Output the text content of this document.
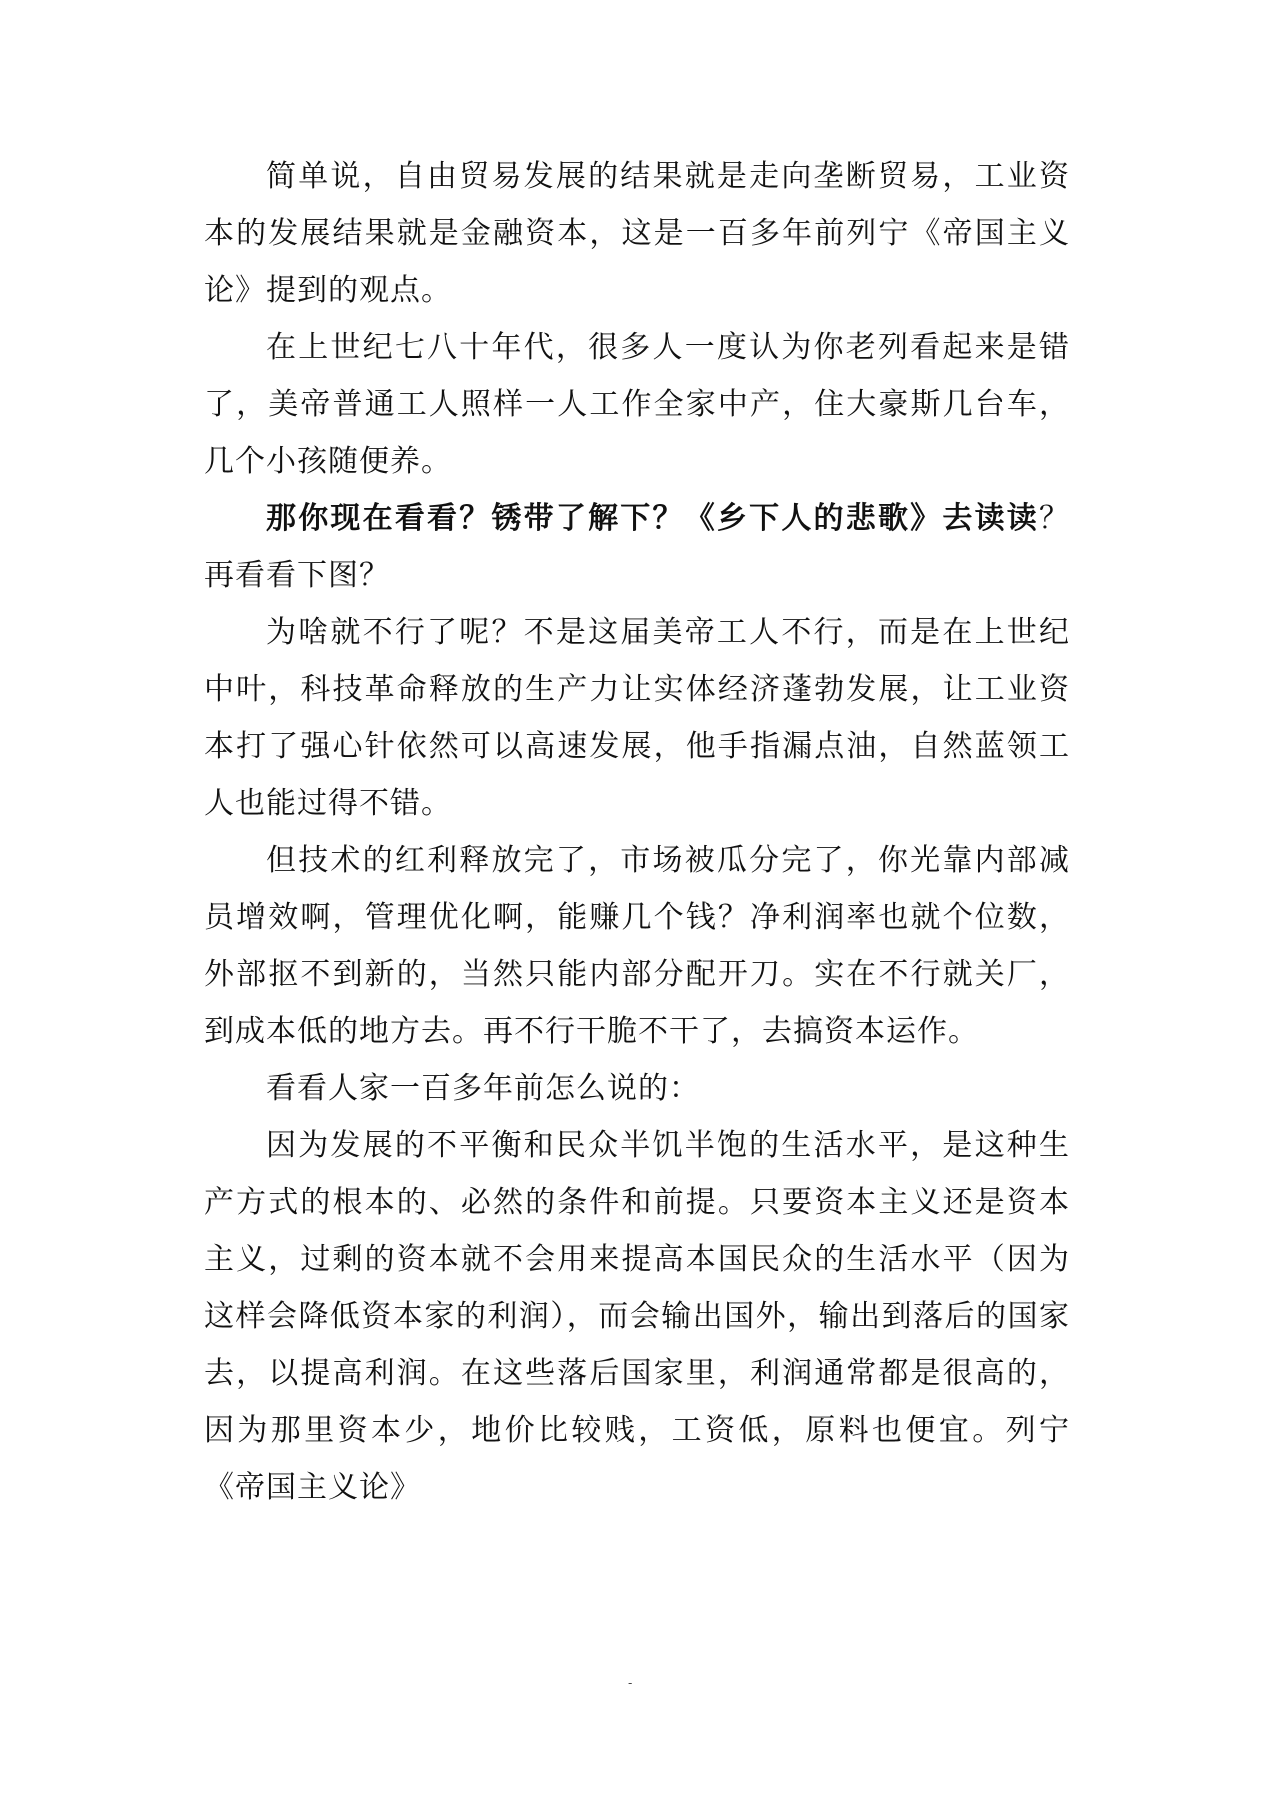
简单说，自由贸易发展的结果就是走向垄断贸易，工业资本的发展结果就是金融资本，这是一百多年前列宁《帝国主义论》提到的观点。

在上世纪七八十年代，很多人一度认为你老列看起来是错了，美帝普通工人照样一人工作全家中产，住大豪斯几台车，几个小孩随便养。

那你现在看看？锈带了解下？《乡下人的悲歌》去读读？再看看下图？

为啥就不行了呢？不是这届美帝工人不行，而是在上世纪中叶，科技革命释放的生产力让实体经济蓬勃发展，让工业资本打了强心针依然可以高速发展，他手指漏点油，自然蓝领工人也能过得不错。

但技术的红利释放完了，市场被瓜分完了，你光靠内部减员增效啊，管理优化啊，能赚几个钱？净利润率也就个位数，外部抠不到新的，当然只能内部分配开刀。实在不行就关厂，到成本低的地方去。再不行干脆不干了，去搞资本运作。

看看人家一百多年前怎么说的：

因为发展的不平衡和民众半饥半饱的生活水平，是这种生产方式的根本的、必然的条件和前提。只要资本主义还是资本主义，过剩的资本就不会用来提高本国民众的生活水平（因为这样会降低资本家的利润），而会输出国外，输出到落后的国家去，以提高利润。在这些落后国家里，利润通常都是很高的，因为那里资本少，地价比较贱，工资低，原料也便宜。列宁《帝国主义论》

-
